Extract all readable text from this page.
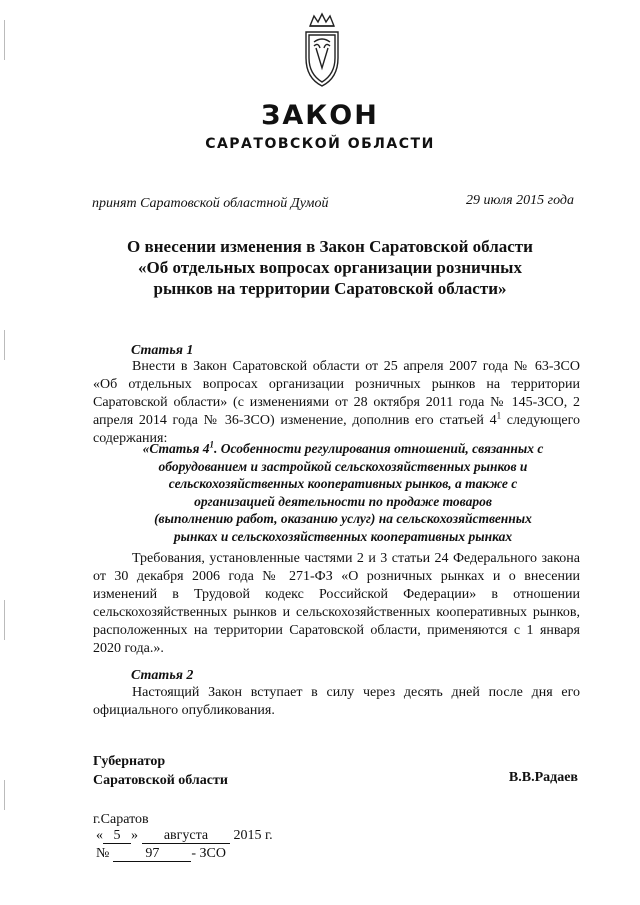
ЗАКОН
САРАТОВСКОЙ ОБЛАСТИ
принят Саратовской областной Думой	29 июля 2015 года
О внесении изменения в Закон Саратовской области
«Об отдельных вопросах организации розничных
рынков на территории Саратовской области»
Статья 1

Внести в Закон Саратовской области от 25 апреля 2007 года № 63-ЗСО «Об отдельных вопросах организации розничных рынков на территории Саратовской области» (с изменениями от 28 октября 2011 года № 145-ЗСО, 2 апреля 2014 года № 36-ЗСО) изменение, дополнив его статьей $4^1$ следующего содержания:

«Статья $4^1$. Особенности регулирования отношений, связанных с
оборудованием и застройкой сельскохозяйственных рынков и
сельскохозяйственных кооперативных рынков, а также с
организацией деятельности по продаже товаров
(выполнению работ, оказанию услуг) на сельскохозяйственных
рынках и сельскохозяйственных кооперативных рынках

Требования, установленные частями 2 и 3 статьи 24 Федерального закона от 30 декабря 2006 года № 271-ФЗ «О розничных рынках и о внесении изменений в Трудовой кодекс Российской Федерации» в отношении сельскохозяйственных рынков и сельскохозяйственных кооперативных рынков, расположенных на территории Саратовской области, применяются с 1 января 2020 года.».

Статья 2

Настоящий Закон вступает в силу через десять дней после дня его официального опубликования.

Губернатор
Саратовской области	В.В.Радаев
г.Саратов
« 5 » августа 2015 г.
№	97 - ЗСО
